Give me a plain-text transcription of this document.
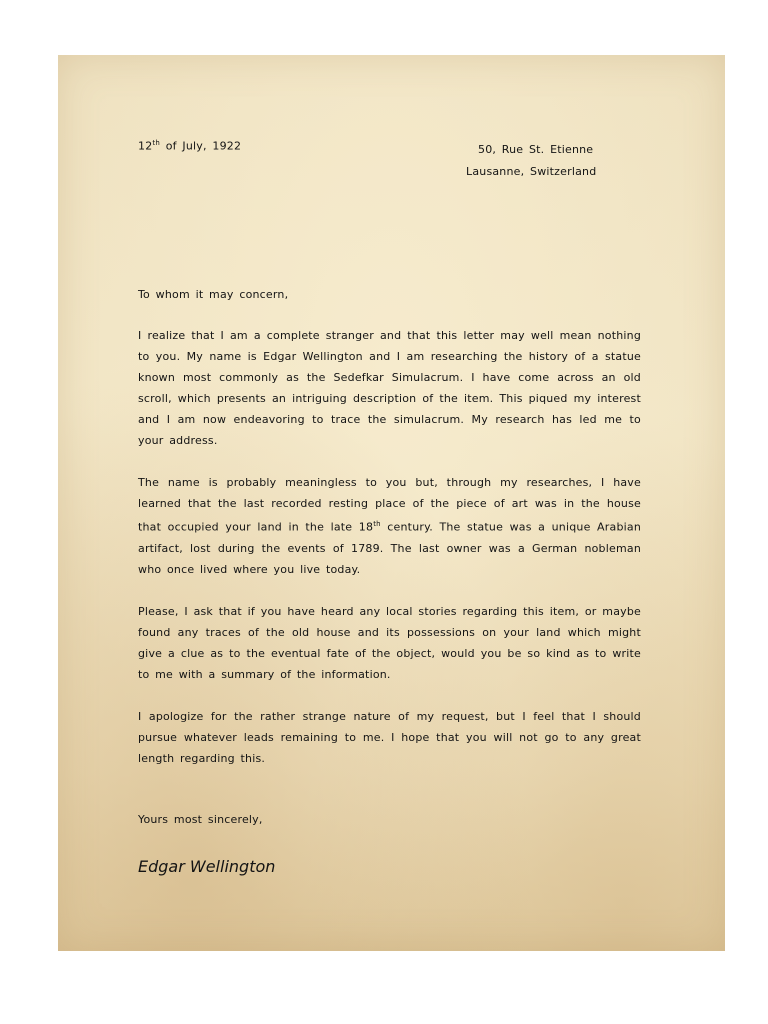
12th of July, 1922	50, Rue St. Etienne
Lausanne, Switzerland

To whom it may concern,

I realize that I am a complete stranger and that this letter may well mean nothing to you. My name is Edgar Wellington and I am researching the history of a statue known most commonly as the Sedefkar Simulacrum. I have come across an old scroll, which presents an intriguing description of the item. This piqued my interest and I am now endeavoring to trace the simulacrum. My research has led me to your address.

The name is probably meaningless to you but, through my researches, I have learned that the last recorded resting place of the piece of art was in the house that occupied your land in the late 18th century. The statue was a unique Arabian artifact, lost during the events of 1789. The last owner was a German nobleman who once lived where you live today.

Please, I ask that if you have heard any local stories regarding this item, or maybe found any traces of the old house and its possessions on your land which might give a clue as to the eventual fate of the object, would you be so kind as to write to me with a summary of the information.

I apologize for the rather strange nature of my request, but I feel that I should pursue whatever leads remaining to me. I hope that you will not go to any great length regarding this.

Yours most sincerely,
Edgar Wellington
